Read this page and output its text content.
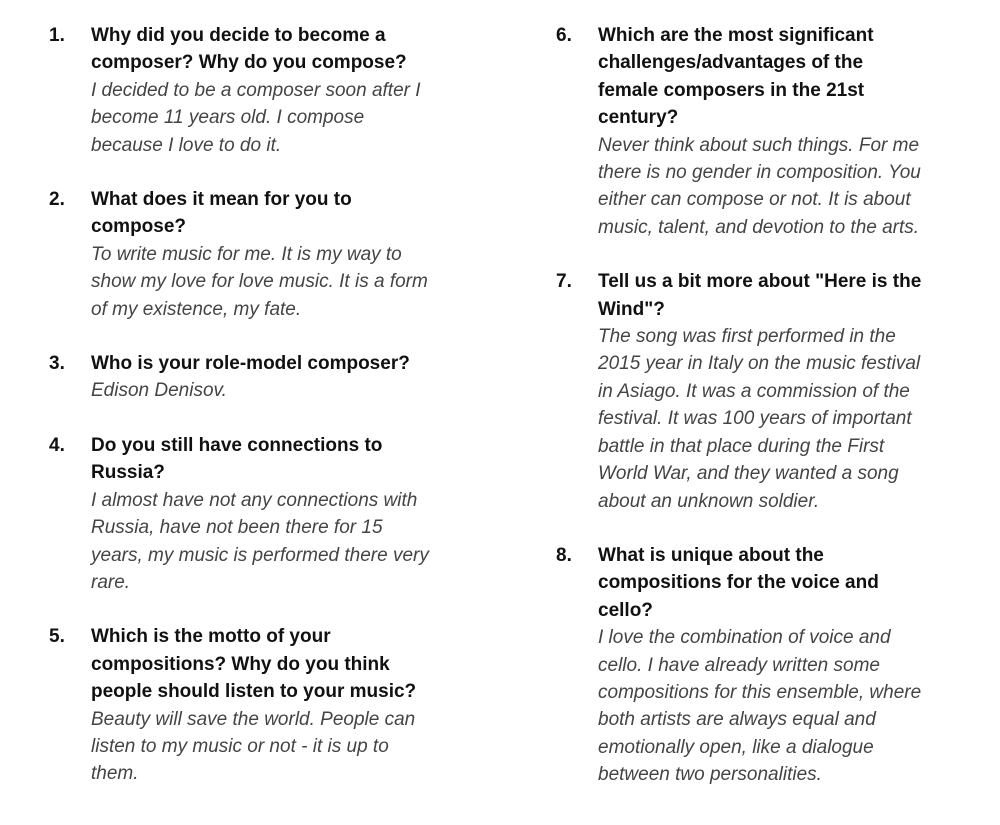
1. Why did you decide to become a
composer? Why do you compose?
I decided to be a composer soon after I
become 11 years old. I compose
because I love to do it.
2. What does it mean for you to
compose?
To write music for me. It is my way to
show my love for love music. It is a form
of my existence, my fate.
3. Who is your role-model composer?
Edison Denisov.
4. Do you still have connections to
Russia?
I almost have not any connections with
Russia, have not been there for 15
years, my music is performed there very
rare.
5. Which is the motto of your
compositions? Why do you think
people should listen to your music?
Beauty will save the world. People can
listen to my music or not - it is up to
them.
6. Which are the most significant
challenges/advantages of the
female composers in the 21st
century?
Never think about such things. For me
there is no gender in composition. You
either can compose or not. It is about
music, talent, and devotion to the arts.
7. Tell us a bit more about "Here is the
Wind"?
The song was first performed in the
2015 year in Italy on the music festival
in Asiago. It was a commission of the
festival. It was 100 years of important
battle in that place during the First
World War, and they wanted a song
about an unknown soldier.
8. What is unique about the
compositions for the voice and
cello?
I love the combination of voice and
cello. I have already written some
compositions for this ensemble, where
both artists are always equal and
emotionally open, like a dialogue
between two personalities.
